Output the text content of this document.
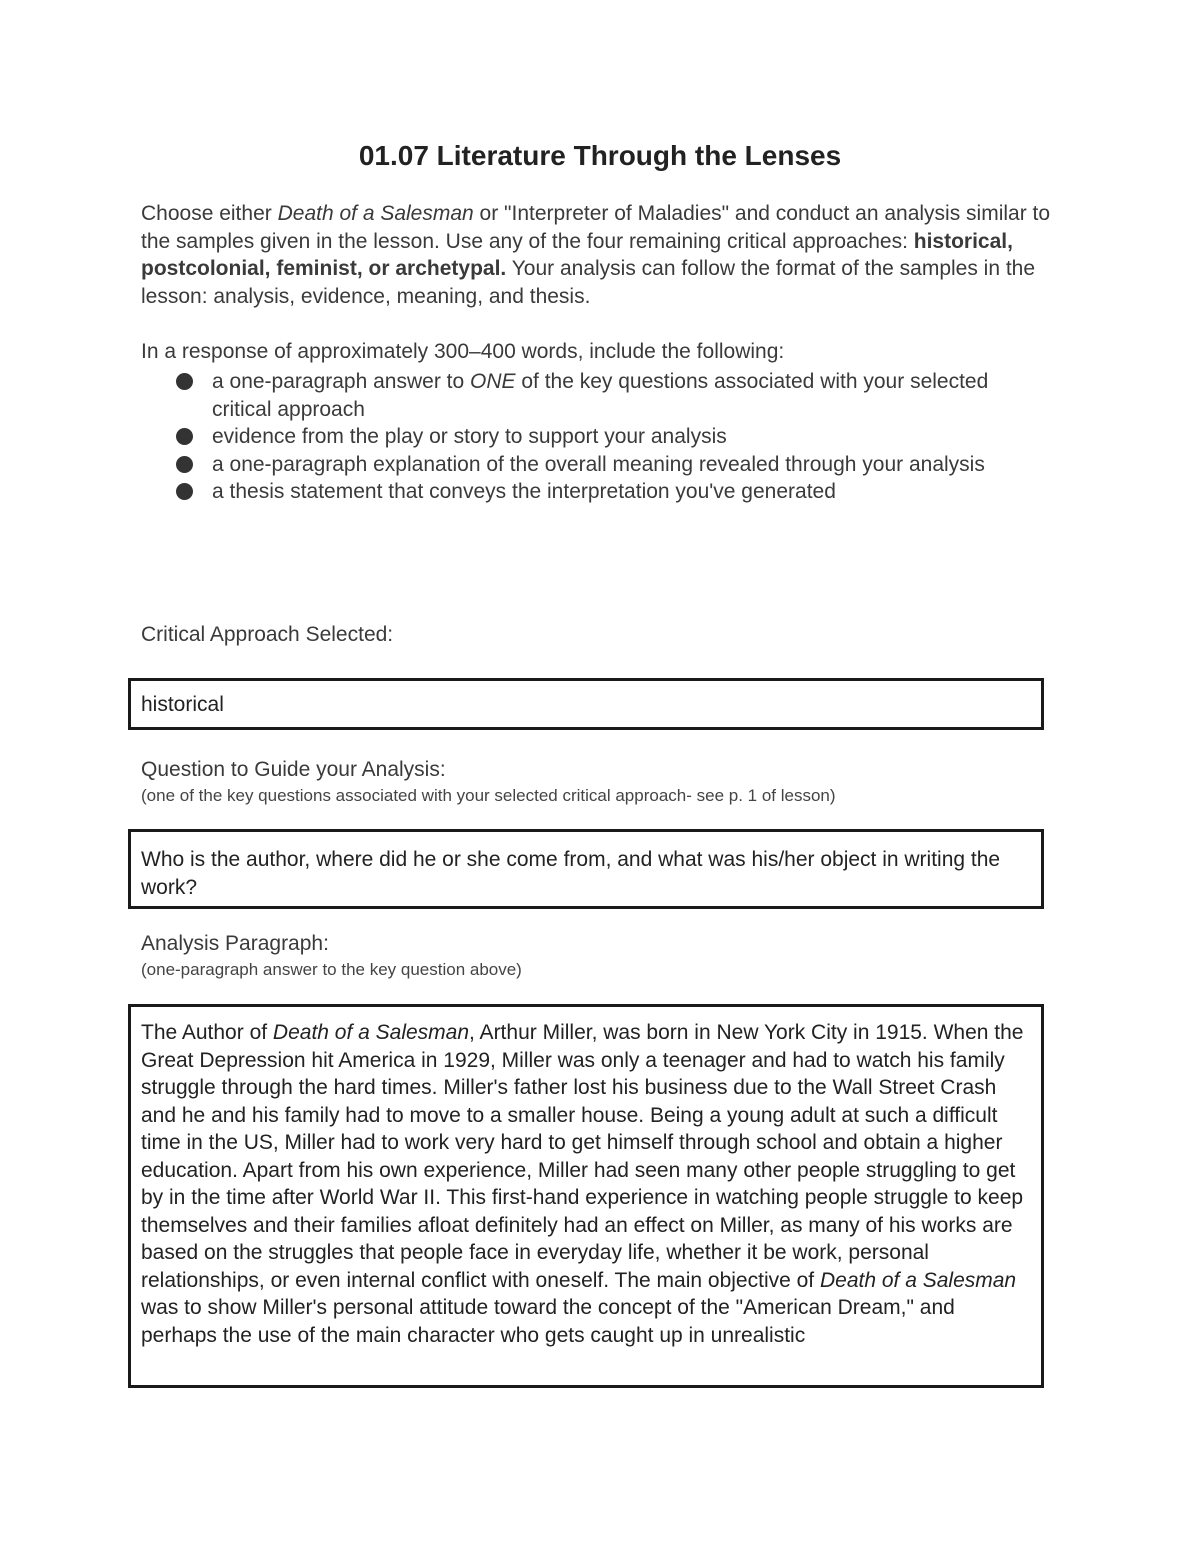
01.07 Literature Through the Lenses

Choose either Death of a Salesman or "Interpreter of Maladies" and conduct an analysis similar to the samples given in the lesson. Use any of the four remaining critical approaches: historical, postcolonial, feminist, or archetypal. Your analysis can follow the format of the samples in the lesson: analysis, evidence, meaning, and thesis.

In a response of approximately 300–400 words, include the following:

a one-paragraph answer to ONE of the key questions associated with your selected critical approach
evidence from the play or story to support your analysis
a one-paragraph explanation of the overall meaning revealed through your analysis
a thesis statement that conveys the interpretation you've generated
Critical Approach Selected:
historical
Question to Guide your Analysis:
(one of the key questions associated with your selected critical approach- see p. 1 of lesson)
Who is the author, where did he or she come from, and what was his/her object in writing the work?
Analysis Paragraph:
(one-paragraph answer to the key question above)
The Author of Death of a Salesman, Arthur Miller, was born in New York City in 1915. When the Great Depression hit America in 1929, Miller was only a teenager and had to watch his family struggle through the hard times. Miller's father lost his business due to the Wall Street Crash and he and his family had to move to a smaller house. Being a young adult at such a difficult time in the US, Miller had to work very hard to get himself through school and obtain a higher education. Apart from his own experience, Miller had seen many other people struggling to get by in the time after World War II. This first-hand experience in watching people struggle to keep themselves and their families afloat definitely had an effect on Miller, as many of his works are based on the struggles that people face in everyday life, whether it be work, personal relationships, or even internal conflict with oneself. The main objective of Death of a Salesman was to show Miller's personal attitude toward the concept of the "American Dream," and perhaps the use of the main character who gets caught up in unrealistic
